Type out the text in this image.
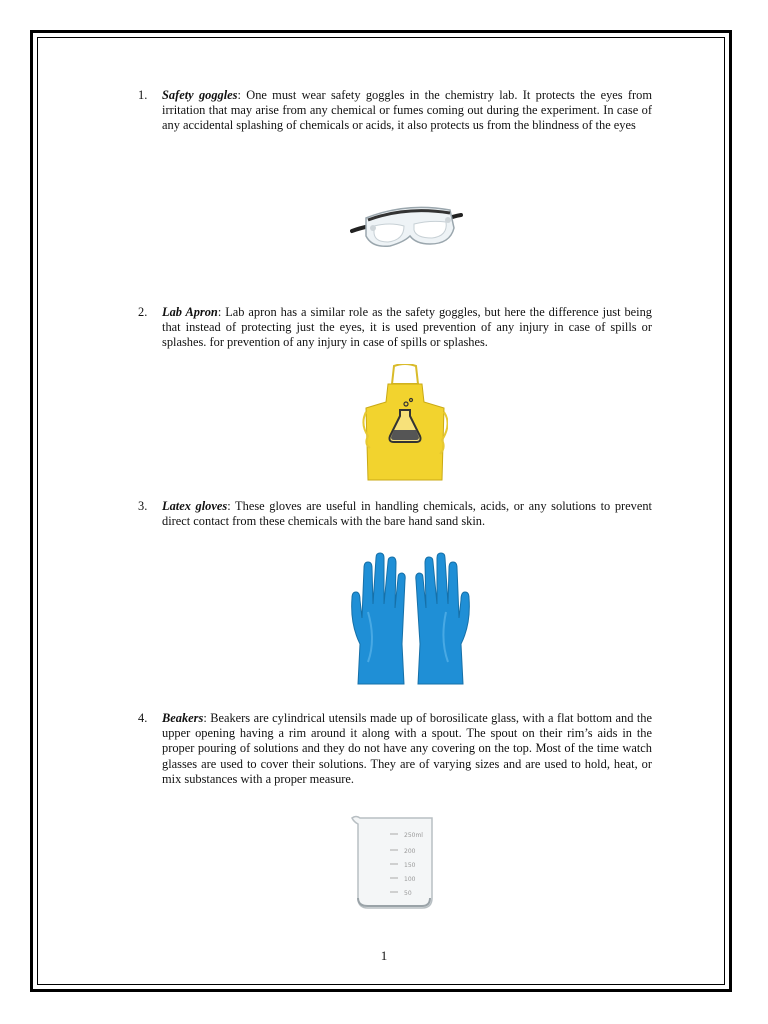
1.	Safety goggles: One must wear safety goggles in the chemistry lab. It protects the eyes from irritation that may arise from any chemical or fumes coming out during the experiment. In case of any accidental splashing of chemicals or acids, it also protects us from the blindness of the eyes
2.	Lab Apron: Lab apron has a similar role as the safety goggles, but here the difference just being that instead of protecting just the eyes, it is used prevention of any injury in case of spills or splashes. for prevention of any injury in case of spills or splashes.
3.	Latex gloves: These gloves are useful in handling chemicals, acids, or any solutions to prevent direct contact from these chemicals with the bare hand sand skin.
4.	Beakers: Beakers are cylindrical utensils made up of borosilicate glass, with a flat bottom and the upper opening having a rim around it along with a spout. The spout on their rim’s aids in the proper pouring of solutions and they do not have any covering on the top. Most of the time watch glasses are used to cover their solutions. They are of varying sizes and are used to hold, heat, or mix substances with a proper measure.
250ml
200
150
100
50
1
